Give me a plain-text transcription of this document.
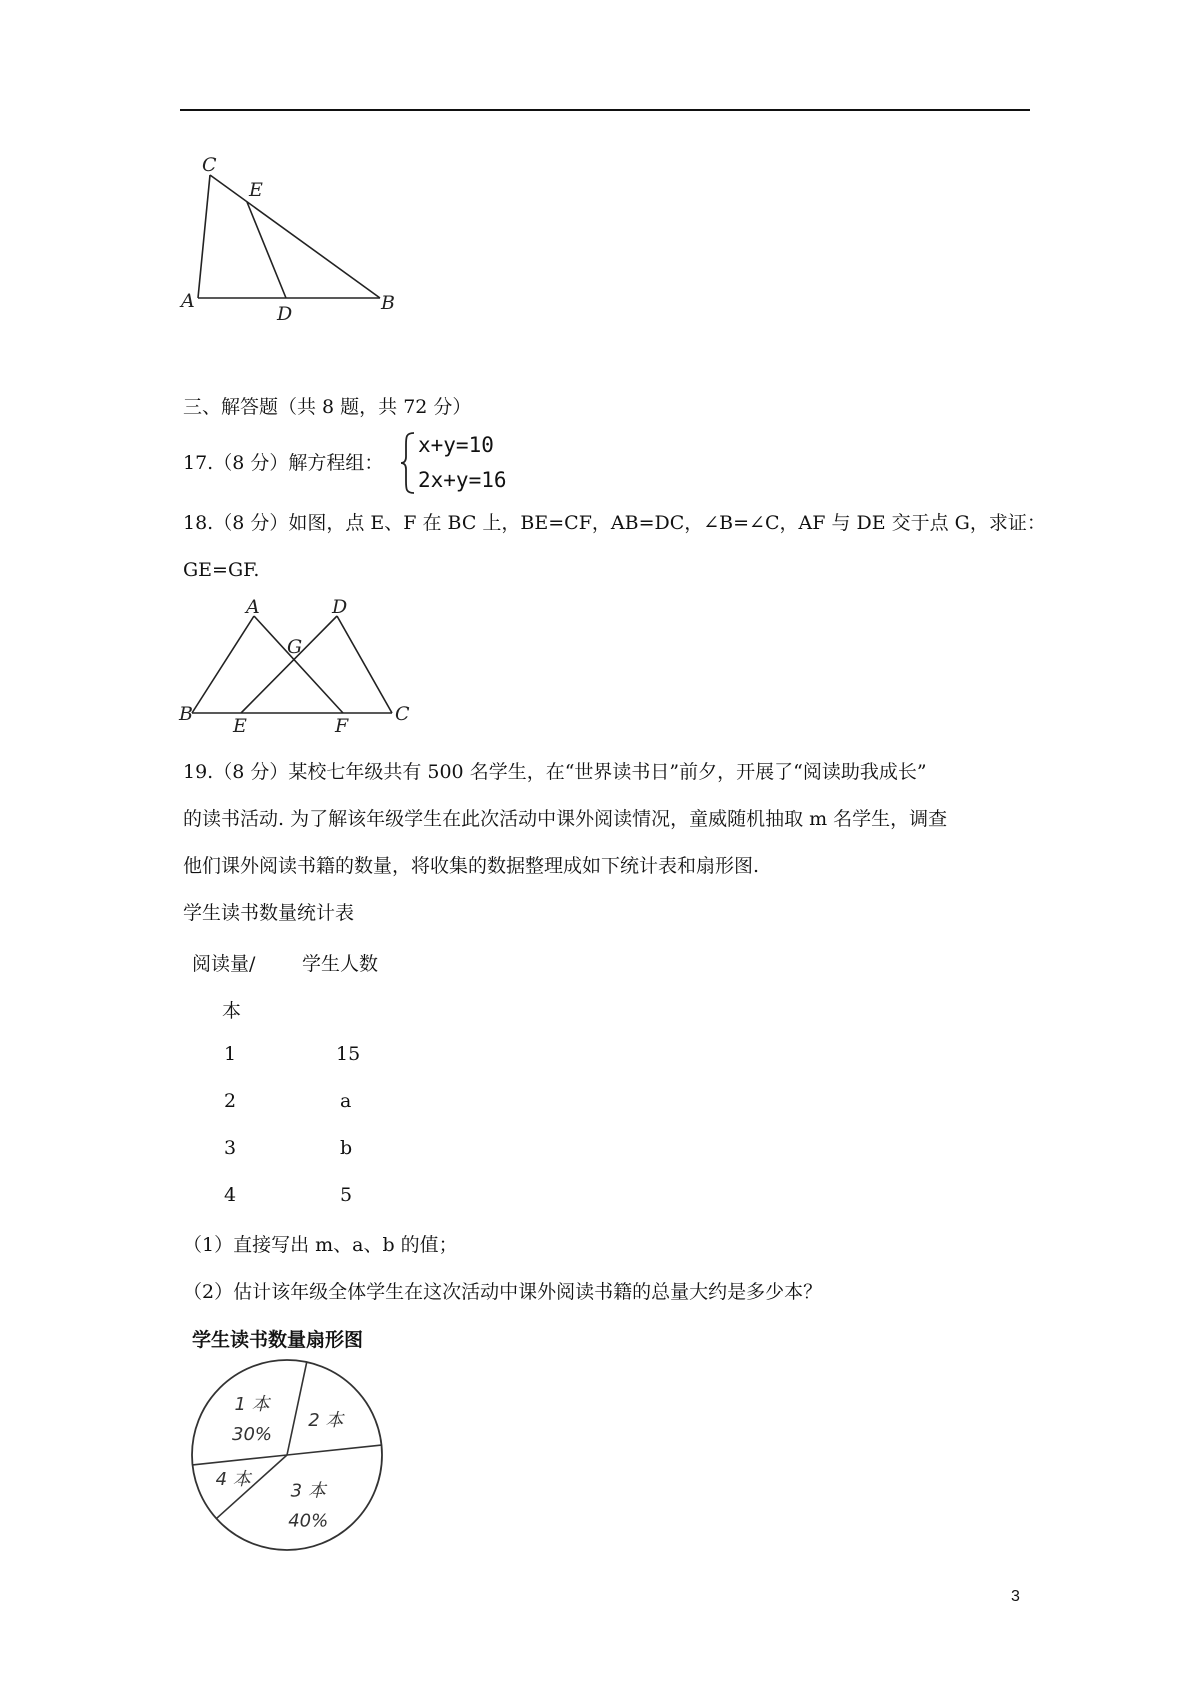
C
E
A
D	B
三、解答题（共 8 题，共 72 分）
17.（8 分）解方程组：
x+y=10
2x+y=16
18.（8 分）如图，点 E、F 在 BC 上，BE=CF，AB=DC，∠B=∠C，AF 与 DE 交于点 G，求证：
GE=GF.
A	D
G
B
E	F
C
19.（8 分）某校七年级共有 500 名学生，在“世界读书日”前夕，开展了“阅读助我成长”
的读书活动. 为了解该年级学生在此次活动中课外阅读情况，童威随机抽取 m 名学生，调查
他们课外阅读书籍的数量，将收集的数据整理成如下统计表和扇形图.
学生读书数量统计表
阅读量/ 学生人数
本
1	15
2	a
3	b
4	5
（1）直接写出 m、a、b 的值；
（2）估计该年级全体学生在这次活动中课外阅读书籍的总量大约是多少本？
学生读书数量扇形图
1 本
30%
2 本
3 本
40%
4 本
3
